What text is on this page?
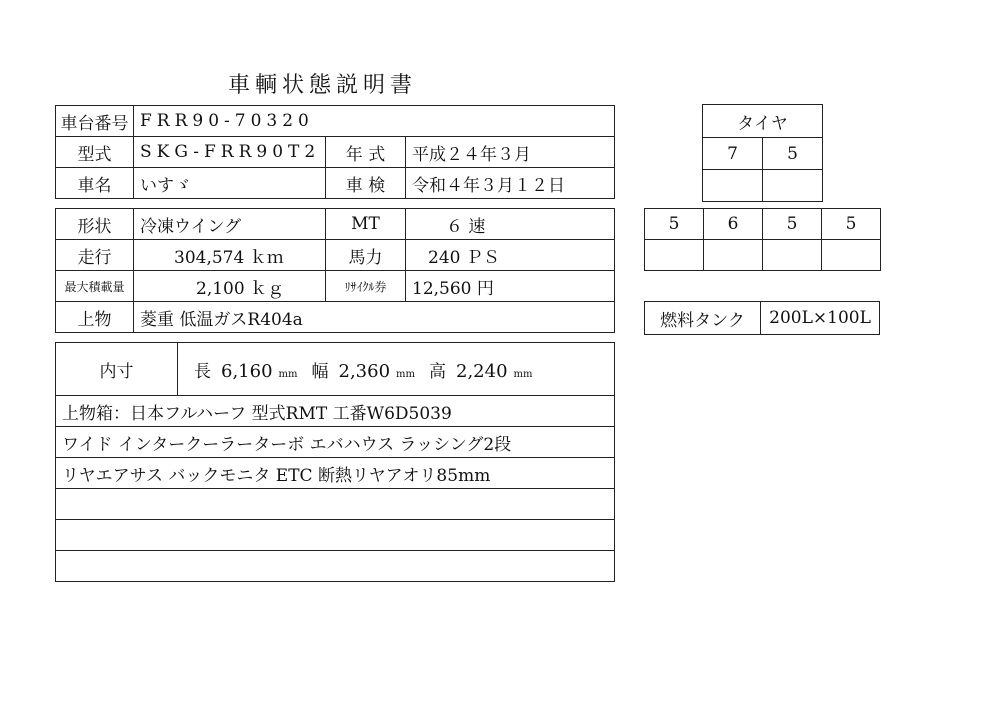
車輌状態説明書
車台番号	FRR90-70320		
型式	SKG-FRR90T2	年 式	平成２４年３月
車名	いすゞ	車 検	令和４年３月１２日
形状	冷凍ウイング	MT	６ 速
走行	304,574 ｋｍ	馬力	240 ＰＳ
最大積載量	2,100 ｋｇ	ﾘｻｲｸﾙ券	12,560 円
上物	菱重 低温ガスR404a		
内寸	長 6,160 mm 幅 2,360 mm 高 2,240 mm
上物箱：日本フルハーフ 型式RMT 工番W6D5039
ワイド インタークーラーターボ エバハウス ラッシング2段
リヤエアサス バックモニタ ETC 断熱リヤアオリ85mm

タイヤ	
7	5

5	6	5	5

燃料タンク	200L×100L
